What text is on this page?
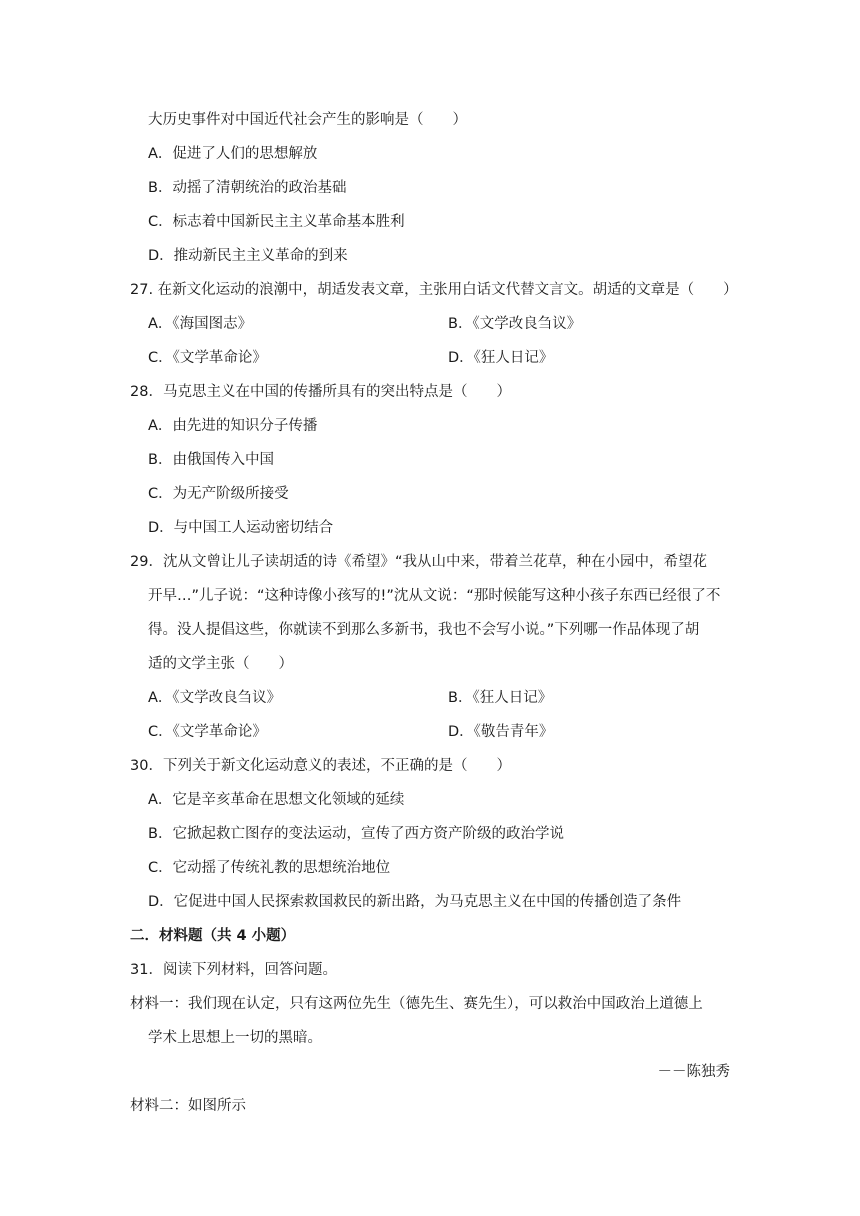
大历史事件对中国近代社会产生的影响是（　　）
A．促进了人们的思想解放
B．动摇了清朝统治的政治基础
C．标志着中国新民主主义革命基本胜利
D．推动新民主主义革命的到来
27. 在新文化运动的浪潮中，胡适发表文章，主张用白话文代替文言文。胡适的文章是（　　）
A．《海国图志》	B．《文学改良刍议》
C．《文学革命论》	D．《狂人日记》
28．马克思主义在中国的传播所具有的突出特点是（　　）
A．由先进的知识分子传播
B．由俄国传入中国
C．为无产阶级所接受
D．与中国工人运动密切结合
29．沈从文曾让儿子读胡适的诗《希望》“我从山中来，带着兰花草，种在小园中，希望花
开早…”儿子说：“这种诗像小孩写的!”沈从文说：“那时候能写这种小孩子东西已经很了不
得。没人提倡这些，你就读不到那么多新书，我也不会写小说。”下列哪一作品体现了胡
适的文学主张（　　）
A．《文学改良刍议》	B．《狂人日记》
C．《文学革命论》	D．《敬告青年》
30．下列关于新文化运动意义的表述，不正确的是（　　）
A．它是辛亥革命在思想文化领域的延续
B．它掀起救亡图存的变法运动，宣传了西方资产阶级的政治学说
C．它动摇了传统礼教的思想统治地位
D．它促进中国人民探索救国救民的新出路，为马克思主义在中国的传播创造了条件
二．材料题（共 4 小题）
31．阅读下列材料，回答问题。
材料一：我们现在认定，只有这两位先生（德先生、赛先生），可以救治中国政治上道德上
学术上思想上一切的黑暗。
－－陈独秀
材料二：如图所示
